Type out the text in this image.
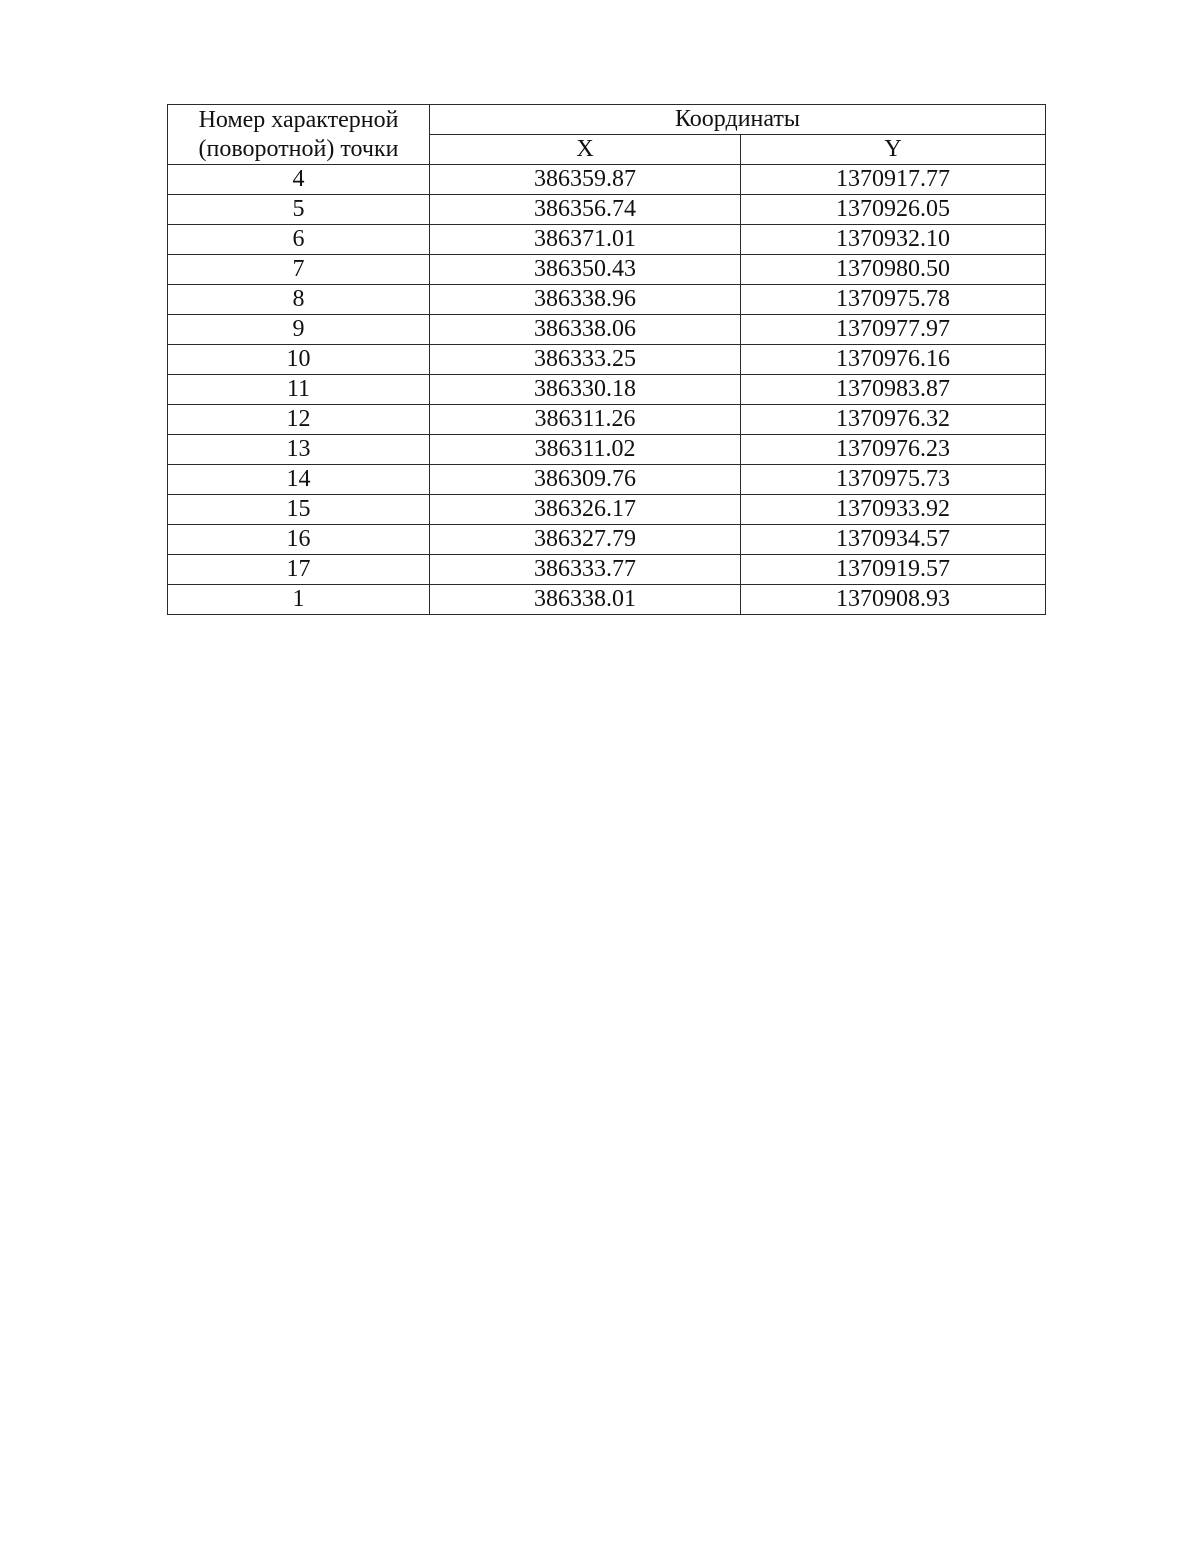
Номер характерной (поворотной) точки	Координаты	
	X	Y
4	386359.87	1370917.77
5	386356.74	1370926.05
6	386371.01	1370932.10
7	386350.43	1370980.50
8	386338.96	1370975.78
9	386338.06	1370977.97
10	386333.25	1370976.16
11	386330.18	1370983.87
12	386311.26	1370976.32
13	386311.02	1370976.23
14	386309.76	1370975.73
15	386326.17	1370933.92
16	386327.79	1370934.57
17	386333.77	1370919.57
1	386338.01	1370908.93
